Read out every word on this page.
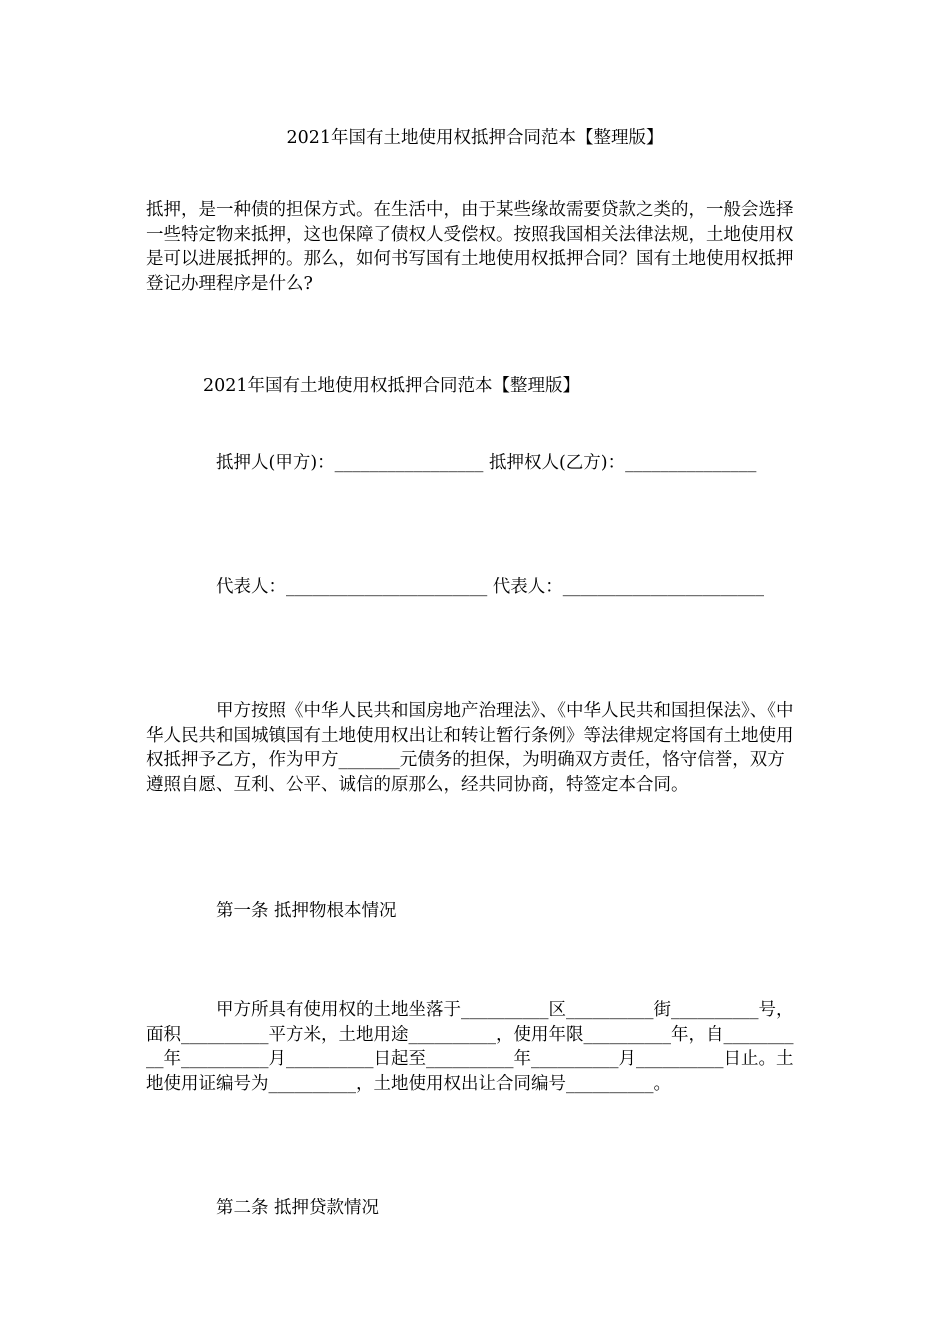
2021年国有土地使用权抵押合同范本【整理版】
抵押，是一种债的担保方式。在生活中，由于某些缘故需要贷款之类的，一般会选择一些特定物来抵押，这也保障了债权人受偿权。按照我国相关法律法规，土地使用权是可以进展抵押的。那么，如何书写国有土地使用权抵押合同？国有土地使用权抵押登记办理程序是什么?
2021年国有土地使用权抵押合同范本【整理版】
　　　　抵押人(甲方)：_________________ 抵押权人(乙方)：_______________
　　　　代表人：_______________________ 代表人：_______________________
　　　　甲方按照《中华人民共和国房地产治理法》、《中华人民共和国担保法》、《中华人民共和国城镇国有土地使用权出让和转让暂行条例》等法律规定将国有土地使用权抵押予乙方，作为甲方_______元债务的担保，为明确双方责任，恪守信誉，双方遵照自愿、互利、公平、诚信的原那么，经共同协商，特签定本合同。
　　　　第一条 抵押物根本情况
　　　　甲方所具有使用权的土地坐落于__________区__________街__________号，面积__________平方米，土地用途__________，使用年限__________年，自__________年__________月__________日起至__________年__________月__________日止。土地使用证编号为__________，土地使用权出让合同编号__________。
　　　　第二条 抵押贷款情况
